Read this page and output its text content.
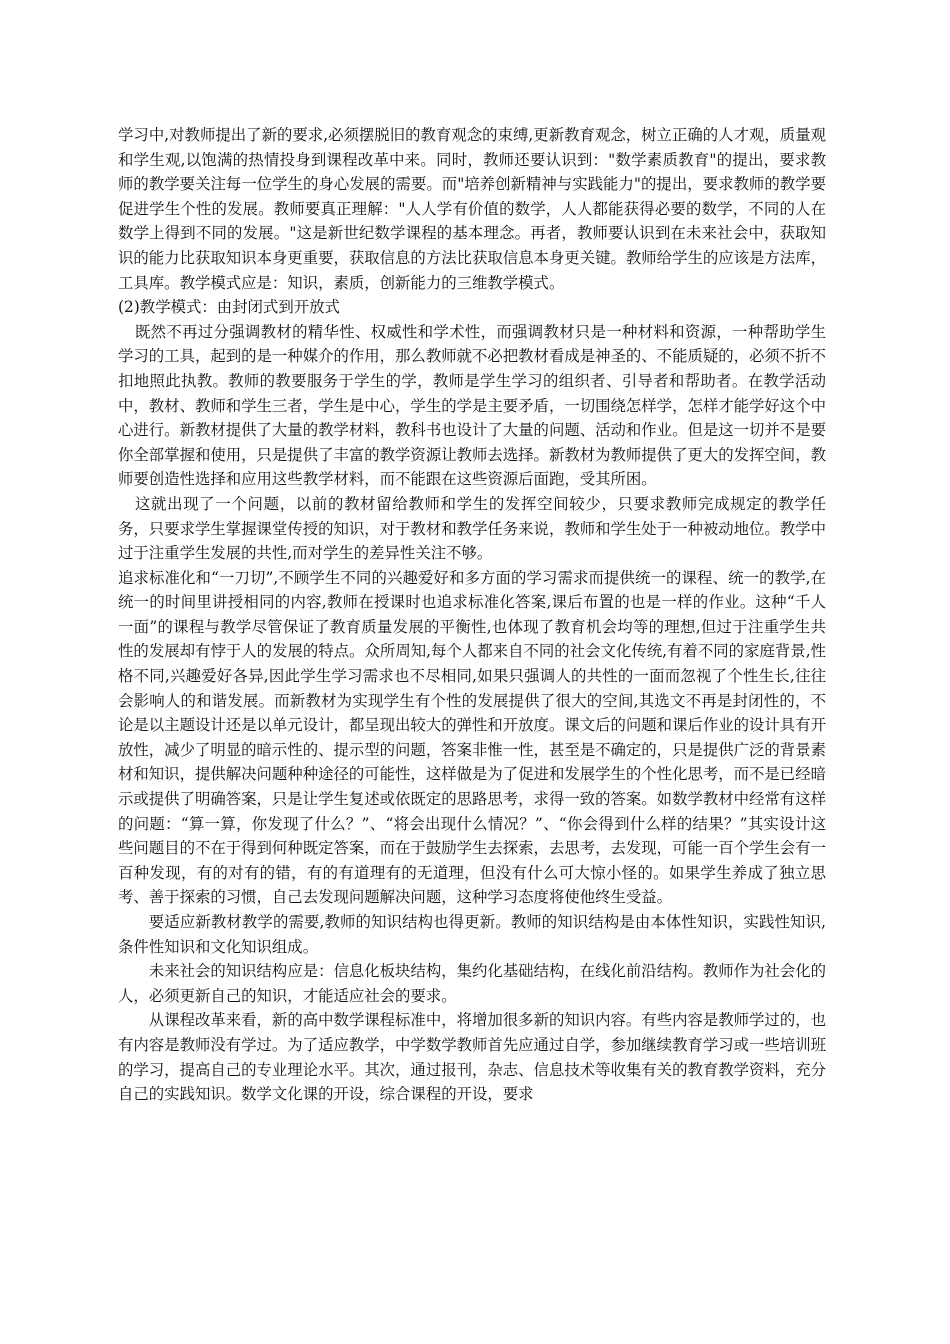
学习中,对教师提出了新的要求,必须摆脱旧的教育观念的束缚,更新教育观念，树立正确的人才观，质量观和学生观,以饱满的热情投身到课程改革中来。同时，教师还要认识到："数学素质教育"的提出，要求教师的教学要关注每一位学生的身心发展的需要。而"培养创新精神与实践能力"的提出，要求教师的教学要促进学生个性的发展。教师要真正理解："人人学有价值的数学，人人都能获得必要的数学，不同的人在数学上得到不同的发展。"这是新世纪数学课程的基本理念。再者，教师要认识到在未来社会中，获取知识的能力比获取知识本身更重要，获取信息的方法比获取信息本身更关键。教师给学生的应该是方法库，工具库。教学模式应是：知识，素质，创新能力的三维教学模式。

(2)教学模式：由封闭式到开放式

既然不再过分强调教材的精华性、权威性和学术性，而强调教材只是一种材料和资源，一种帮助学生学习的工具，起到的是一种媒介的作用，那么教师就不必把教材看成是神圣的、不能质疑的，必须不折不扣地照此执教。教师的教要服务于学生的学，教师是学生学习的组织者、引导者和帮助者。在教学活动中，教材、教师和学生三者，学生是中心，学生的学是主要矛盾，一切围绕怎样学，怎样才能学好这个中心进行。新教材提供了大量的教学材料，教科书也设计了大量的问题、活动和作业。但是这一切并不是要你全部掌握和使用，只是提供了丰富的教学资源让教师去选择。新教材为教师提供了更大的发挥空间，教师要创造性选择和应用这些教学材料，而不能跟在这些资源后面跑，受其所困。

这就出现了一个问题，以前的教材留给教师和学生的发挥空间较少，只要求教师完成规定的教学任务，只要求学生掌握课堂传授的知识，对于教材和教学任务来说，教师和学生处于一种被动地位。教学中过于注重学生发展的共性,而对学生的差异性关注不够。

追求标准化和“一刀切”,不顾学生不同的兴趣爱好和多方面的学习需求而提供统一的课程、统一的教学,在统一的时间里讲授相同的内容,教师在授课时也追求标准化答案,课后布置的也是一样的作业。这种“千人一面”的课程与教学尽管保证了教育质量发展的平衡性,也体现了教育机会均等的理想,但过于注重学生共性的发展却有悖于人的发展的特点。众所周知,每个人都来自不同的社会文化传统,有着不同的家庭背景,性格不同,兴趣爱好各异,因此学生学习需求也不尽相同,如果只强调人的共性的一面而忽视了个性生长,往往会影响人的和谐发展。而新教材为实现学生有个性的发展提供了很大的空间,其选文不再是封闭性的，不论是以主题设计还是以单元设计，都呈现出较大的弹性和开放度。课文后的问题和课后作业的设计具有开放性，减少了明显的暗示性的、提示型的问题，答案非惟一性，甚至是不确定的，只是提供广泛的背景素材和知识，提供解决问题种种途径的可能性，这样做是为了促进和发展学生的个性化思考，而不是已经暗示或提供了明确答案，只是让学生复述或依既定的思路思考，求得一致的答案。如数学教材中经常有这样的问题：“算一算，你发现了什么？”、“将会出现什么情况？”、“你会得到什么样的结果？”其实设计这些问题目的不在于得到何种既定答案，而在于鼓励学生去探索，去思考，去发现，可能一百个学生会有一百种发现，有的对有的错，有的有道理有的无道理，但没有什么可大惊小怪的。如果学生养成了独立思考、善于探索的习惯，自己去发现问题解决问题，这种学习态度将使他终生受益。

要适应新教材教学的需要,教师的知识结构也得更新。教师的知识结构是由本体性知识，实践性知识,条件性知识和文化知识组成。

未来社会的知识结构应是：信息化板块结构，集约化基础结构，在线化前沿结构。教师作为社会化的人，必须更新自己的知识，才能适应社会的要求。

从课程改革来看，新的高中数学课程标准中，将增加很多新的知识内容。有些内容是教师学过的，也有内容是教师没有学过。为了适应教学，中学数学教师首先应通过自学，参加继续教育学习或一些培训班的学习，提高自己的专业理论水平。其次，通过报刊，杂志、信息技术等收集有关的教育教学资料，充分自己的实践知识。数学文化课的开设，综合课程的开设，要求
